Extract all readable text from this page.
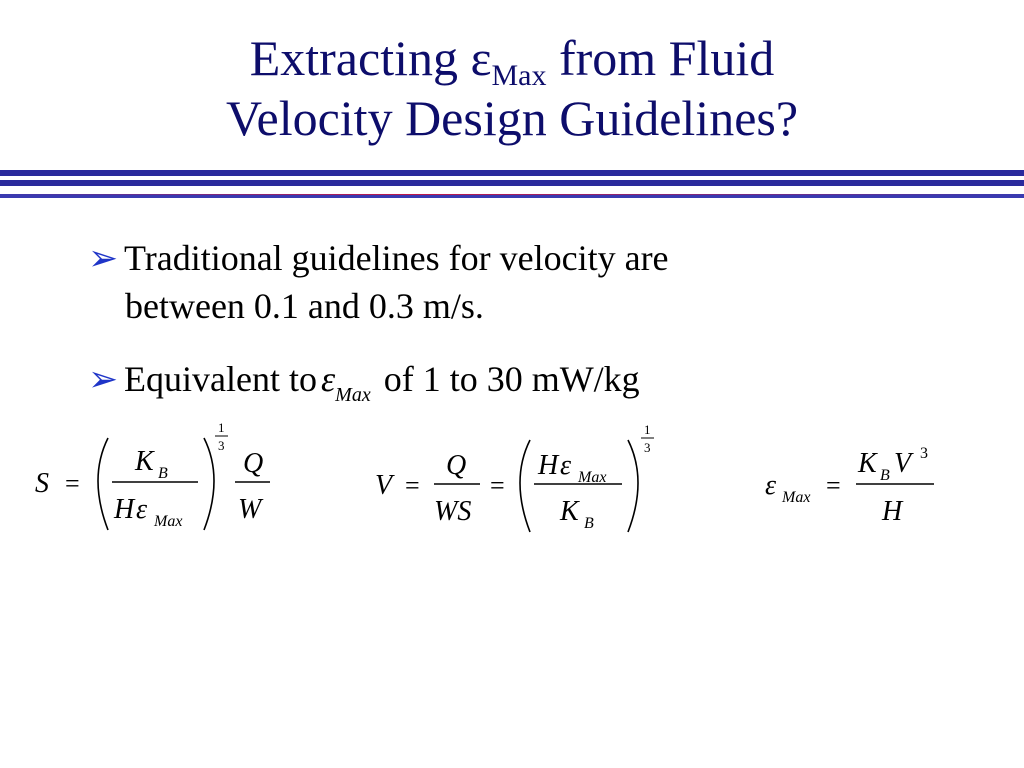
Extracting $\varepsilon_{Max}$ from Fluid
Velocity Design Guidelines?
➢ Traditional guidelines for velocity are
between 0.1 and 0.3 m/s.
➢ Equivalent to $\varepsilon_{Max}$ of 1 to 30 mW/kg
S =
K B
H ε Max
1
3
Q
W
V =
Q
WS
=
H ε Max
K B
1
3
ε Max =
K B V 3
H
